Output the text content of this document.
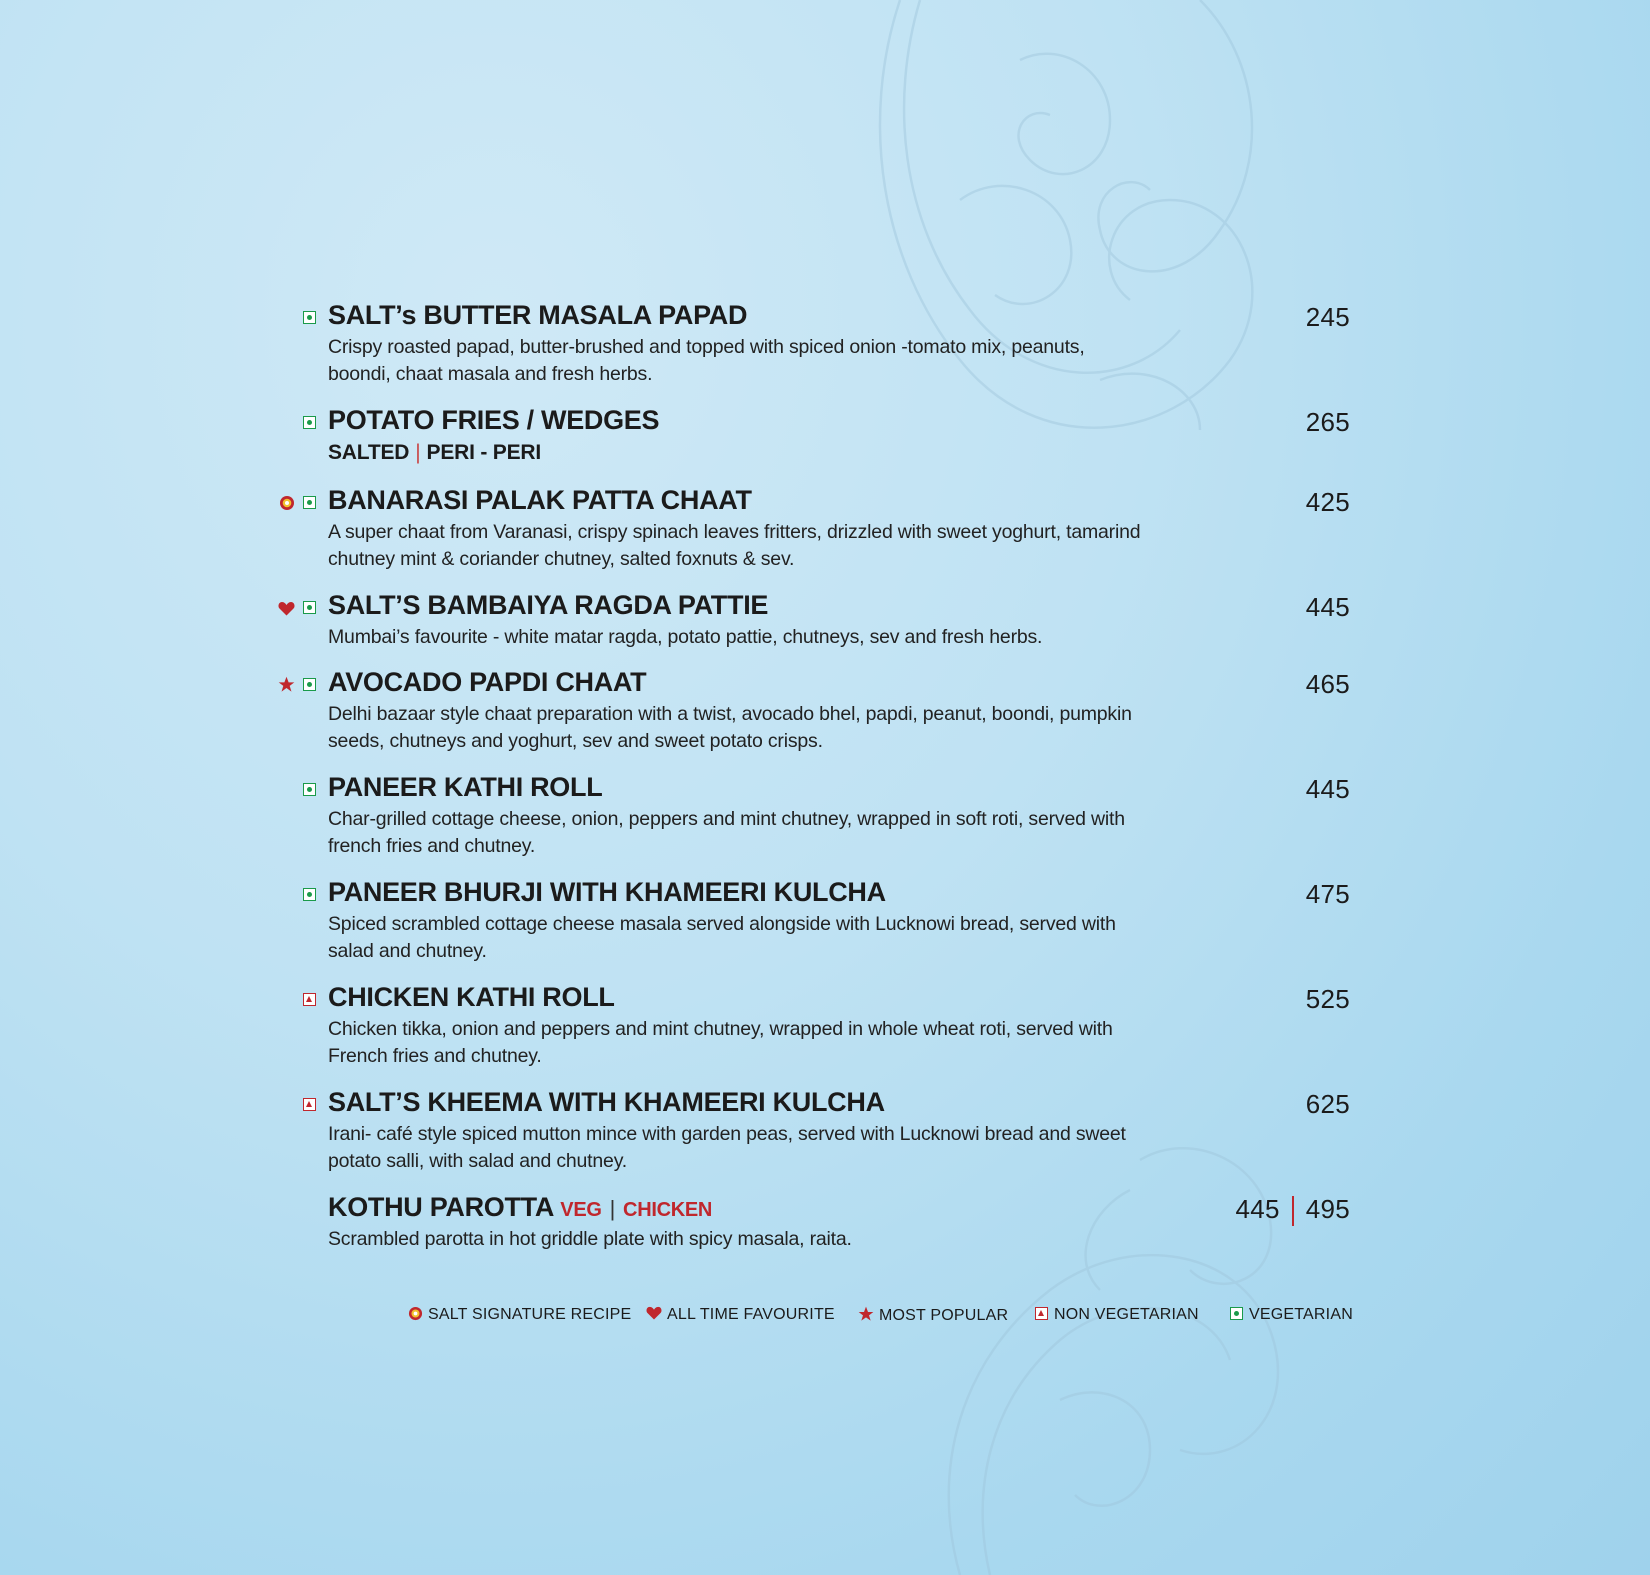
SALT’s BUTTER MASALA PAPAD
Crispy roasted papad, butter-brushed and topped with spiced onion -tomato mix, peanuts, boondi, chaat masala and fresh herbs.
245
POTATO FRIES / WEDGES
SALTED | PERI - PERI
265
BANARASI PALAK PATTA CHAAT
A super chaat from Varanasi, crispy spinach leaves fritters, drizzled with sweet yoghurt, tamarind chutney mint & coriander chutney, salted foxnuts & sev.
425
SALT’S BAMBAIYA RAGDA PATTIE
Mumbai’s favourite - white matar ragda, potato pattie, chutneys, sev and fresh herbs.
445
AVOCADO PAPDI CHAAT
Delhi bazaar style chaat preparation with a twist, avocado bhel, papdi, peanut, boondi, pumpkin seeds, chutneys and yoghurt, sev and sweet potato crisps.
465
PANEER KATHI ROLL
Char-grilled cottage cheese, onion, peppers and mint chutney, wrapped in soft roti, served with french fries and chutney.
445
PANEER BHURJI WITH KHAMEERI KULCHA
Spiced scrambled cottage cheese masala served alongside with Lucknowi bread, served with salad and chutney.
475
CHICKEN KATHI ROLL
Chicken tikka, onion and peppers and mint chutney, wrapped in whole wheat roti, served with French fries and chutney.
525
SALT’S KHEEMA WITH KHAMEERI KULCHA
Irani- café style spiced mutton mince with garden peas, served with Lucknowi bread and sweet potato salli, with salad and chutney.
625
KOTHU PAROTTA VEG | CHICKEN
Scrambled parotta in hot griddle plate with spicy masala, raita.
445 495
SALT SIGNATURE RECIPE	ALL TIME FAVOURITE	MOST POPULAR	NON VEGETARIAN	VEGETARIAN
